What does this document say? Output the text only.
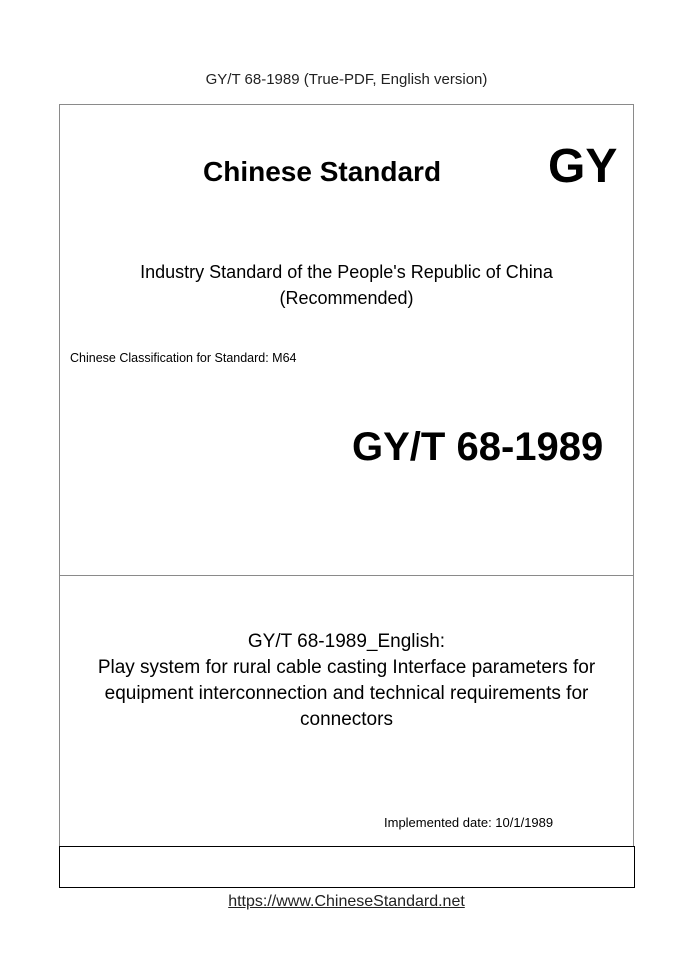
GY/T 68-1989 (True-PDF, English version)
Chinese Standard GY
Industry Standard of the People's Republic of China
(Recommended)
Chinese Classification for Standard: M64
GY/T 68-1989
GY/T 68-1989_English:
Play system for rural cable casting Interface parameters for
equipment interconnection and technical requirements for
connectors
Implemented date: 10/1/1989
https://www.ChineseStandard.net
